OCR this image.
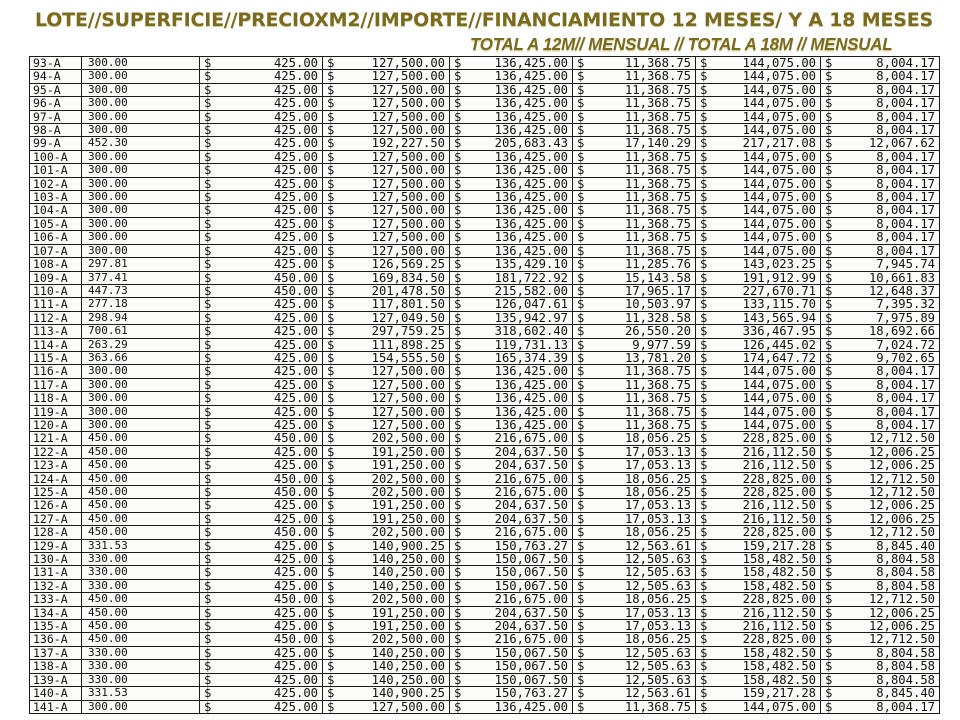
LOTE//SUPERFICIE//PRECIOXM2//IMPORTE//FINANCIAMIENTO 12 MESES/ Y A 18 MESES
TOTAL A 12M// MENSUAL // TOTAL A 18M // MENSUAL
93-A	300.00	$ 425.00	$ 127,500.00	$ 136,425.00	$ 11,368.75	$ 144,075.00	$ 8,004.17
94-A	300.00	$ 425.00	$ 127,500.00	$ 136,425.00	$ 11,368.75	$ 144,075.00	$ 8,004.17
95-A	300.00	$ 425.00	$ 127,500.00	$ 136,425.00	$ 11,368.75	$ 144,075.00	$ 8,004.17
96-A	300.00	$ 425.00	$ 127,500.00	$ 136,425.00	$ 11,368.75	$ 144,075.00	$ 8,004.17
97-A	300.00	$ 425.00	$ 127,500.00	$ 136,425.00	$ 11,368.75	$ 144,075.00	$ 8,004.17
98-A	300.00	$ 425.00	$ 127,500.00	$ 136,425.00	$ 11,368.75	$ 144,075.00	$ 8,004.17
99-A	452.30	$ 425.00	$ 192,227.50	$ 205,683.43	$ 17,140.29	$ 217,217.08	$ 12,067.62
100-A	300.00	$ 425.00	$ 127,500.00	$ 136,425.00	$ 11,368.75	$ 144,075.00	$ 8,004.17
101-A	300.00	$ 425.00	$ 127,500.00	$ 136,425.00	$ 11,368.75	$ 144,075.00	$ 8,004.17
102-A	300.00	$ 425.00	$ 127,500.00	$ 136,425.00	$ 11,368.75	$ 144,075.00	$ 8,004.17
103-A	300.00	$ 425.00	$ 127,500.00	$ 136,425.00	$ 11,368.75	$ 144,075.00	$ 8,004.17
104-A	300.00	$ 425.00	$ 127,500.00	$ 136,425.00	$ 11,368.75	$ 144,075.00	$ 8,004.17
105-A	300.00	$ 425.00	$ 127,500.00	$ 136,425.00	$ 11,368.75	$ 144,075.00	$ 8,004.17
106-A	300.00	$ 425.00	$ 127,500.00	$ 136,425.00	$ 11,368.75	$ 144,075.00	$ 8,004.17
107-A	300.00	$ 425.00	$ 127,500.00	$ 136,425.00	$ 11,368.75	$ 144,075.00	$ 8,004.17
108-A	297.81	$ 425.00	$ 126,569.25	$ 135,429.10	$ 11,285.76	$ 143,023.25	$ 7,945.74
109-A	377.41	$ 450.00	$ 169,834.50	$ 181,722.92	$ 15,143.58	$ 191,912.99	$ 10,661.83
110-A	447.73	$ 450.00	$ 201,478.50	$ 215,582.00	$ 17,965.17	$ 227,670.71	$ 12,648.37
111-A	277.18	$ 425.00	$ 117,801.50	$ 126,047.61	$ 10,503.97	$ 133,115.70	$ 7,395.32
112-A	298.94	$ 425.00	$ 127,049.50	$ 135,942.97	$ 11,328.58	$ 143,565.94	$ 7,975.89
113-A	700.61	$ 425.00	$ 297,759.25	$ 318,602.40	$ 26,550.20	$ 336,467.95	$ 18,692.66
114-A	263.29	$ 425.00	$ 111,898.25	$ 119,731.13	$ 9,977.59	$ 126,445.02	$ 7,024.72
115-A	363.66	$ 425.00	$ 154,555.50	$ 165,374.39	$ 13,781.20	$ 174,647.72	$ 9,702.65
116-A	300.00	$ 425.00	$ 127,500.00	$ 136,425.00	$ 11,368.75	$ 144,075.00	$ 8,004.17
117-A	300.00	$ 425.00	$ 127,500.00	$ 136,425.00	$ 11,368.75	$ 144,075.00	$ 8,004.17
118-A	300.00	$ 425.00	$ 127,500.00	$ 136,425.00	$ 11,368.75	$ 144,075.00	$ 8,004.17
119-A	300.00	$ 425.00	$ 127,500.00	$ 136,425.00	$ 11,368.75	$ 144,075.00	$ 8,004.17
120-A	300.00	$ 425.00	$ 127,500.00	$ 136,425.00	$ 11,368.75	$ 144,075.00	$ 8,004.17
121-A	450.00	$ 450.00	$ 202,500.00	$ 216,675.00	$ 18,056.25	$ 228,825.00	$ 12,712.50
122-A	450.00	$ 425.00	$ 191,250.00	$ 204,637.50	$ 17,053.13	$ 216,112.50	$ 12,006.25
123-A	450.00	$ 425.00	$ 191,250.00	$ 204,637.50	$ 17,053.13	$ 216,112.50	$ 12,006.25
124-A	450.00	$ 450.00	$ 202,500.00	$ 216,675.00	$ 18,056.25	$ 228,825.00	$ 12,712.50
125-A	450.00	$ 450.00	$ 202,500.00	$ 216,675.00	$ 18,056.25	$ 228,825.00	$ 12,712.50
126-A	450.00	$ 425.00	$ 191,250.00	$ 204,637.50	$ 17,053.13	$ 216,112.50	$ 12,006.25
127-A	450.00	$ 425.00	$ 191,250.00	$ 204,637.50	$ 17,053.13	$ 216,112.50	$ 12,006.25
128-A	450.00	$ 450.00	$ 202,500.00	$ 216,675.00	$ 18,056.25	$ 228,825.00	$ 12,712.50
129-A	331.53	$ 425.00	$ 140,900.25	$ 150,763.27	$ 12,563.61	$ 159,217.28	$ 8,845.40
130-A	330.00	$ 425.00	$ 140,250.00	$ 150,067.50	$ 12,505.63	$ 158,482.50	$ 8,804.58
131-A	330.00	$ 425.00	$ 140,250.00	$ 150,067.50	$ 12,505.63	$ 158,482.50	$ 8,804.58
132-A	330.00	$ 425.00	$ 140,250.00	$ 150,067.50	$ 12,505.63	$ 158,482.50	$ 8,804.58
133-A	450.00	$ 450.00	$ 202,500.00	$ 216,675.00	$ 18,056.25	$ 228,825.00	$ 12,712.50
134-A	450.00	$ 425.00	$ 191,250.00	$ 204,637.50	$ 17,053.13	$ 216,112.50	$ 12,006.25
135-A	450.00	$ 425.00	$ 191,250.00	$ 204,637.50	$ 17,053.13	$ 216,112.50	$ 12,006.25
136-A	450.00	$ 450.00	$ 202,500.00	$ 216,675.00	$ 18,056.25	$ 228,825.00	$ 12,712.50
137-A	330.00	$ 425.00	$ 140,250.00	$ 150,067.50	$ 12,505.63	$ 158,482.50	$ 8,804.58
138-A	330.00	$ 425.00	$ 140,250.00	$ 150,067.50	$ 12,505.63	$ 158,482.50	$ 8,804.58
139-A	330.00	$ 425.00	$ 140,250.00	$ 150,067.50	$ 12,505.63	$ 158,482.50	$ 8,804.58
140-A	331.53	$ 425.00	$ 140,900.25	$ 150,763.27	$ 12,563.61	$ 159,217.28	$ 8,845.40
141-A	300.00	$ 425.00	$ 127,500.00	$ 136,425.00	$ 11,368.75	$ 144,075.00	$ 8,004.17
